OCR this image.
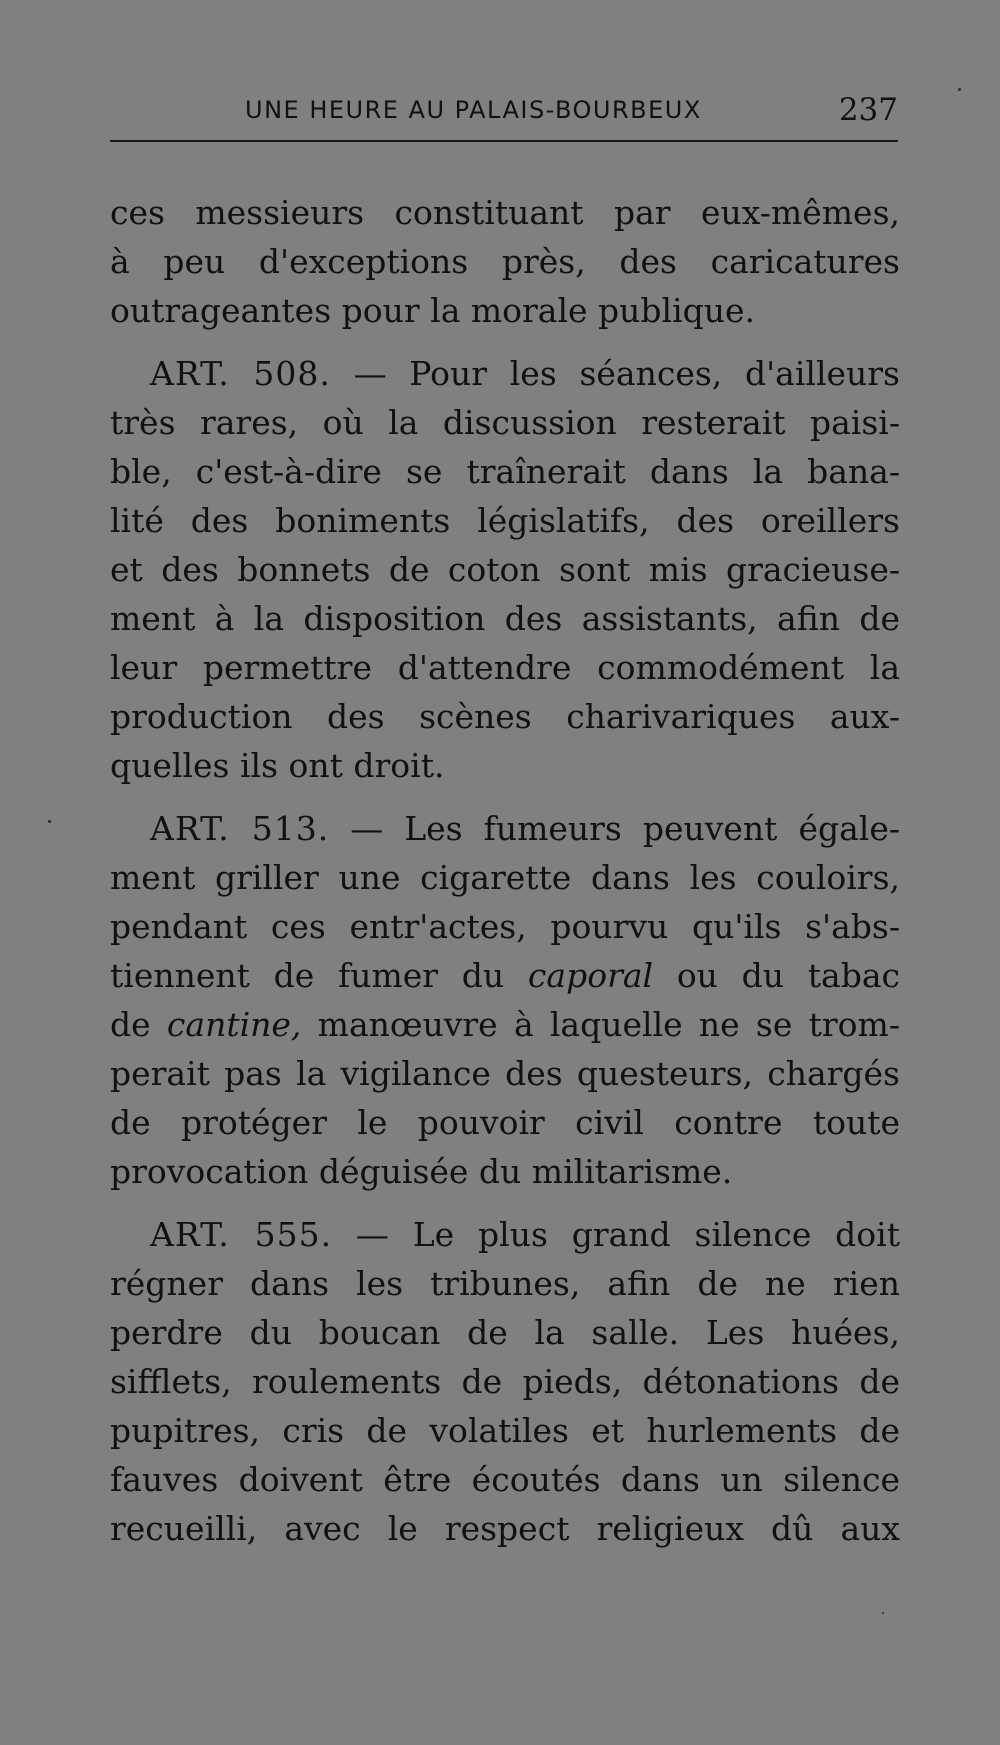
UNE HEURE AU PALAIS-BOURBEUX	237
ces messieurs constituant par eux-mêmes,
à peu d'exceptions près, des caricatures
outrageantes pour la morale publique.
ART. 508. — Pour les séances, d'ailleurs
très rares, où la discussion resterait paisi-
ble, c'est-à-dire se traînerait dans la bana-
lité des boniments législatifs, des oreillers
et des bonnets de coton sont mis gracieuse-
ment à la disposition des assistants, afin de
leur permettre d'attendre commodément la
production des scènes charivariques aux-
quelles ils ont droit.
ART. 513. — Les fumeurs peuvent égale-
ment griller une cigarette dans les couloirs,
pendant ces entr'actes, pourvu qu'ils s'abs-
tiennent de fumer du caporal ou du tabac
de cantine, manœuvre à laquelle ne se trom-
perait pas la vigilance des questeurs, chargés
de protéger le pouvoir civil contre toute
provocation déguisée du militarisme.
ART. 555. — Le plus grand silence doit
régner dans les tribunes, afin de ne rien
perdre du boucan de la salle. Les huées,
sifflets, roulements de pieds, détonations de
pupitres, cris de volatiles et hurlements de
fauves doivent être écoutés dans un silence
recueilli, avec le respect religieux dû aux
